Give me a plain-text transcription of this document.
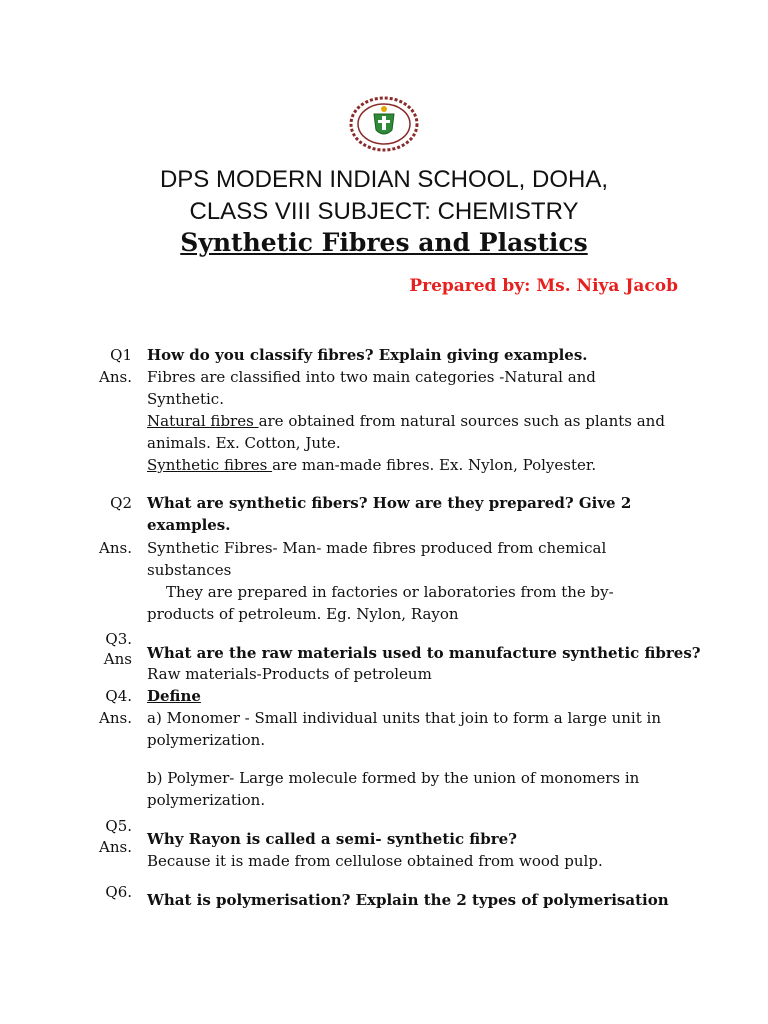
DPS MODERN INDIAN SCHOOL, DOHA,
CLASS VIII SUBJECT: CHEMISTRY
Synthetic Fibres and Plastics
Prepared by: Ms. Niya Jacob
Q1 How do you classify fibres? Explain giving examples.
Ans. Fibres are classified into two main categories -Natural and
Synthetic.
Natural fibres are obtained from natural sources such as plants and
animals. Ex. Cotton, Jute.
Synthetic fibres are man-made fibres. Ex. Nylon, Polyester.
Q2 What are synthetic fibers? How are they prepared? Give 2
examples.
Ans. Synthetic Fibres- Man- made fibres produced from chemical
substances
They are prepared in factories or laboratories from the by-
products of petroleum. Eg. Nylon, Rayon
Q3.
Ans What are the raw materials used to manufacture synthetic fibres?
Raw materials-Products of petroleum
Q4. Define
Ans. a) Monomer - Small individual units that join to form a large unit in
polymerization.
b) Polymer- Large molecule formed by the union of monomers in
polymerization.
Q5.
Ans. Why Rayon is called a semi- synthetic fibre?
Because it is made from cellulose obtained from wood pulp.
Q6. What is polymerisation? Explain the 2 types of polymerisation
